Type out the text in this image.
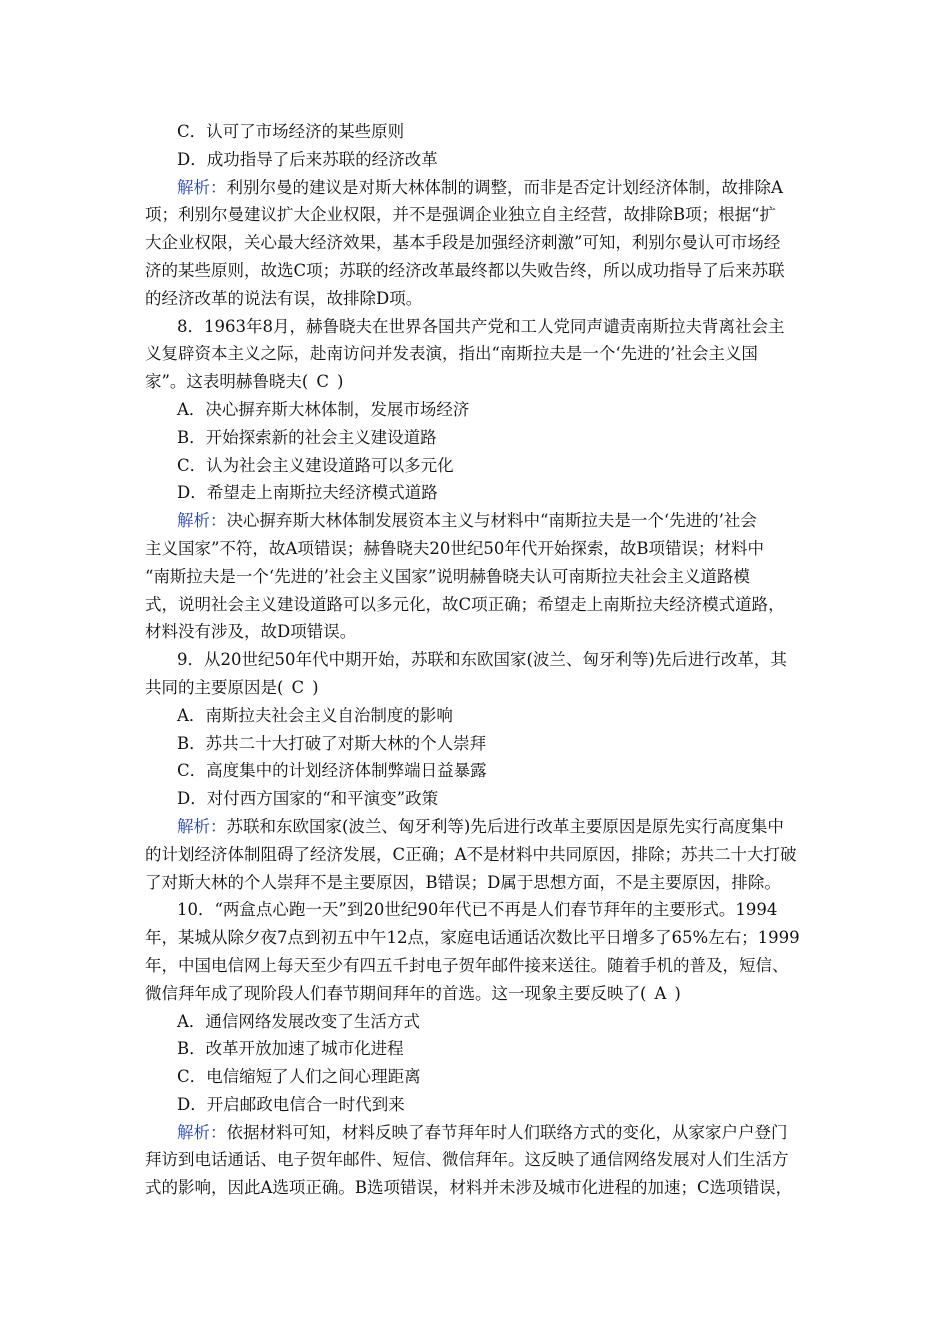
C．认可了市场经济的某些原则
D．成功指导了后来苏联的经济改革
解析：利别尔曼的建议是对斯大林体制的调整，而非是否定计划经济体制，故排除A
项；利别尔曼建议扩大企业权限，并不是强调企业独立自主经营，故排除B项；根据“扩
大企业权限，关心最大经济效果，基本手段是加强经济刺激”可知，利别尔曼认可市场经
济的某些原则，故选C项；苏联的经济改革最终都以失败告终，所以成功指导了后来苏联
的经济改革的说法有误，故排除D项。
8．1963年8月，赫鲁晓夫在世界各国共产党和工人党同声谴责南斯拉夫背离社会主
义复辟资本主义之际，赴南访问并发表演，指出“南斯拉夫是一个‘先进的’社会主义国
家”。这表明赫鲁晓夫( C )
A．决心摒弃斯大林体制，发展市场经济
B．开始探索新的社会主义建设道路
C．认为社会主义建设道路可以多元化
D．希望走上南斯拉夫经济模式道路
解析：决心摒弃斯大林体制发展资本主义与材料中“南斯拉夫是一个‘先进的’社会
主义国家”不符，故A项错误；赫鲁晓夫20世纪50年代开始探索，故B项错误；材料中
“南斯拉夫是一个‘先进的’社会主义国家”说明赫鲁晓夫认可南斯拉夫社会主义道路模
式，说明社会主义建设道路可以多元化，故C项正确；希望走上南斯拉夫经济模式道路，
材料没有涉及，故D项错误。
9．从20世纪50年代中期开始，苏联和东欧国家(波兰、匈牙利等)先后进行改革，其
共同的主要原因是( C )
A．南斯拉夫社会主义自治制度的影响
B．苏共二十大打破了对斯大林的个人崇拜
C．高度集中的计划经济体制弊端日益暴露
D．对付西方国家的“和平演变”政策
解析：苏联和东欧国家(波兰、匈牙利等)先后进行改革主要原因是原先实行高度集中
的计划经济体制阻碍了经济发展，C正确；A不是材料中共同原因，排除；苏共二十大打破
了对斯大林的个人崇拜不是主要原因，B错误；D属于思想方面，不是主要原因，排除。
10．“两盒点心跑一天”到20世纪90年代已不再是人们春节拜年的主要形式。1994
年，某城从除夕夜7点到初五中午12点，家庭电话通话次数比平日增多了65%左右；1999
年，中国电信网上每天至少有四五千封电子贺年邮件接来送往。随着手机的普及，短信、
微信拜年成了现阶段人们春节期间拜年的首选。这一现象主要反映了( A )
A．通信网络发展改变了生活方式
B．改革开放加速了城市化进程
C．电信缩短了人们之间心理距离
D．开启邮政电信合一时代到来
解析：依据材料可知，材料反映了春节拜年时人们联络方式的变化，从家家户户登门
拜访到电话通话、电子贺年邮件、短信、微信拜年。这反映了通信网络发展对人们生活方
式的影响，因此A选项正确。B选项错误，材料并未涉及城市化进程的加速；C选项错误，
